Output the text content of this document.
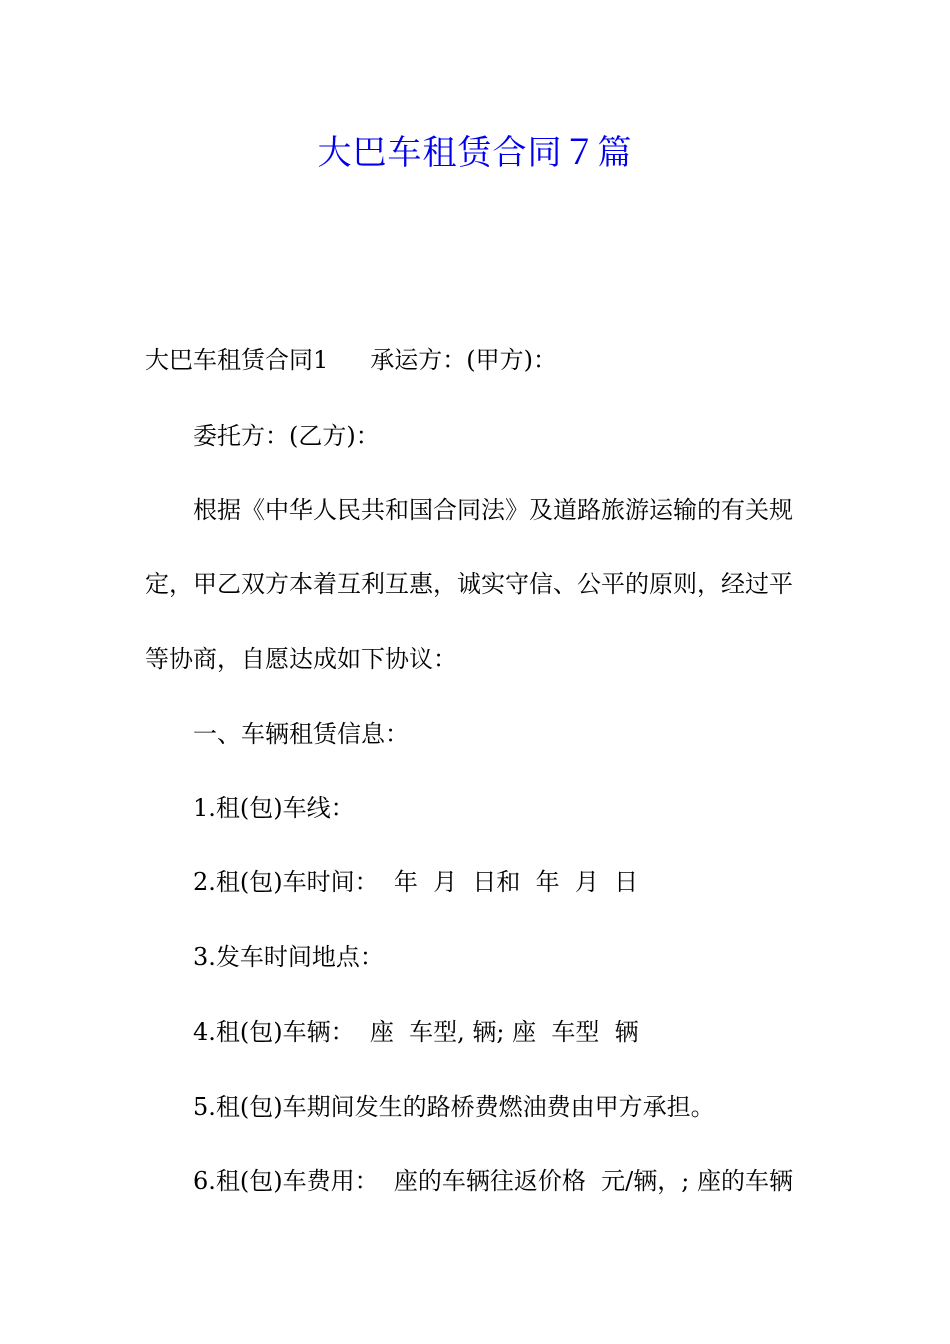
大巴车租赁合同７篇

大巴车租赁合同1 承运方：(甲方)：

委托方：(乙方)：

根据《中华人民共和国合同法》及道路旅游运输的有关规

定，甲乙双方本着互利互惠，诚实守信、公平的原则，经过平

等协商，自愿达成如下协议：

一、车辆租赁信息：

1.租(包)车线：

2.租(包)车时间：  年  月  日和  年  月  日

3.发车时间地点：

4.租(包)车辆：  座  车型, 辆; 座  车型  辆

5.租(包)车期间发生的路桥费燃油费由甲方承担。

6.租(包)车费用：  座的车辆往返价格  元/辆，; 座的车辆
